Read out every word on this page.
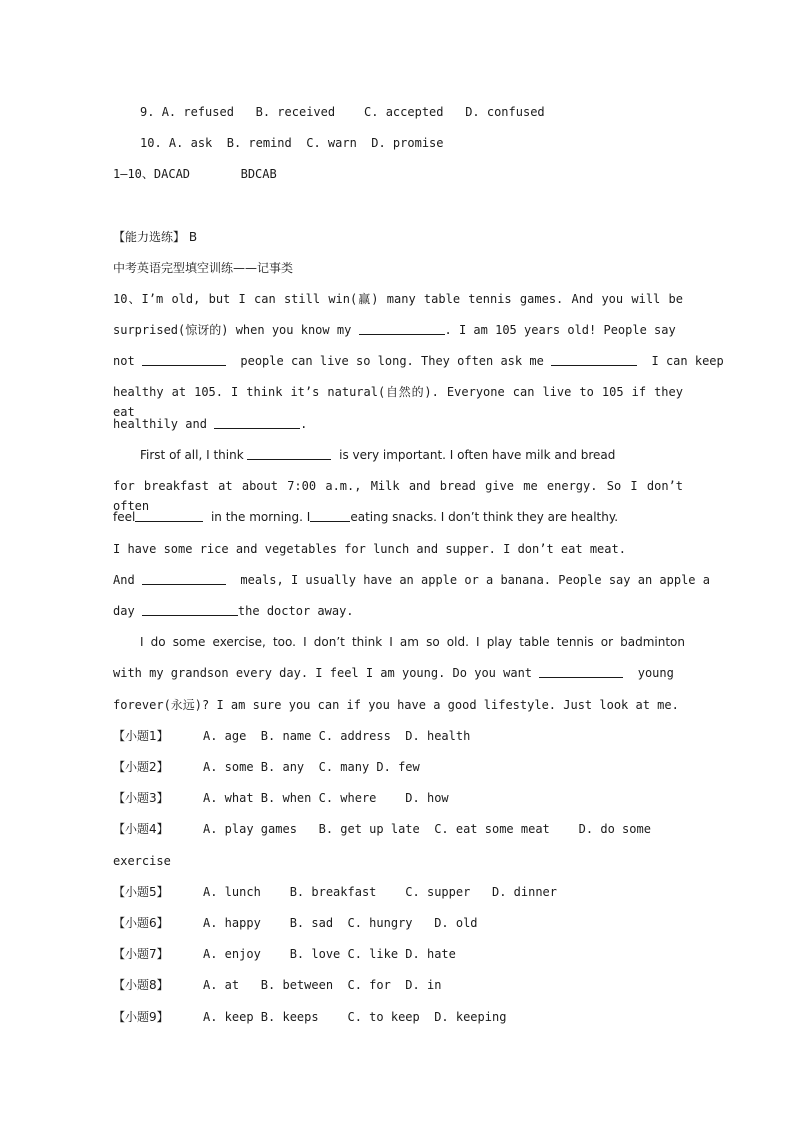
9. A. refused B. received C. accepted D. confused
10. A. ask B. remind C. warn D. promise
1—10、DACAD	BDCAB
【能力选练】 B
中考英语完型填空训练——记事类
10、I’m old, but I can still win(赢) many table tennis games. And you will be
surprised(惊讶的) when you know my	. I am 105 years old! People say
not	people can live so long. They often ask me	I can keep
healthy at 105. I think it’s natural(自然的). Everyone can live to 105 if they eat
healthily and	.
First of all, I think	is very important. I often have milk and bread
for breakfast at about 7:00 a.m., Milk and bread give me energy. So I don’t often
feel	in the morning. I	eating snacks. I don’t think they are healthy.
I have some rice and vegetables for lunch and supper. I don’t eat meat.
And	meals, I usually have an apple or a banana. People say an apple a
day	the doctor away.
I do some exercise, too. I don’t think I am so old. I play table tennis or badminton
with my grandson every day. I feel I am young. Do you want	young
forever(永远)? I am sure you can if you have a good lifestyle. Just look at me.
【小题1】	A. age  B. name C. address  D. health
【小题2】	A. some B. any  C. many D. few
【小题3】	A. what B. when C. where    D. how
【小题4】	A. play games   B. get up late  C. eat some meat    D. do some
exercise
【小题5】	A. lunch    B. breakfast    C. supper   D. dinner
【小题6】	A. happy    B. sad  C. hungry   D. old
【小题7】	A. enjoy    B. love C. like D. hate
【小题8】	A. at   B. between  C. for  D. in
【小题9】	A. keep B. keeps    C. to keep  D. keeping
